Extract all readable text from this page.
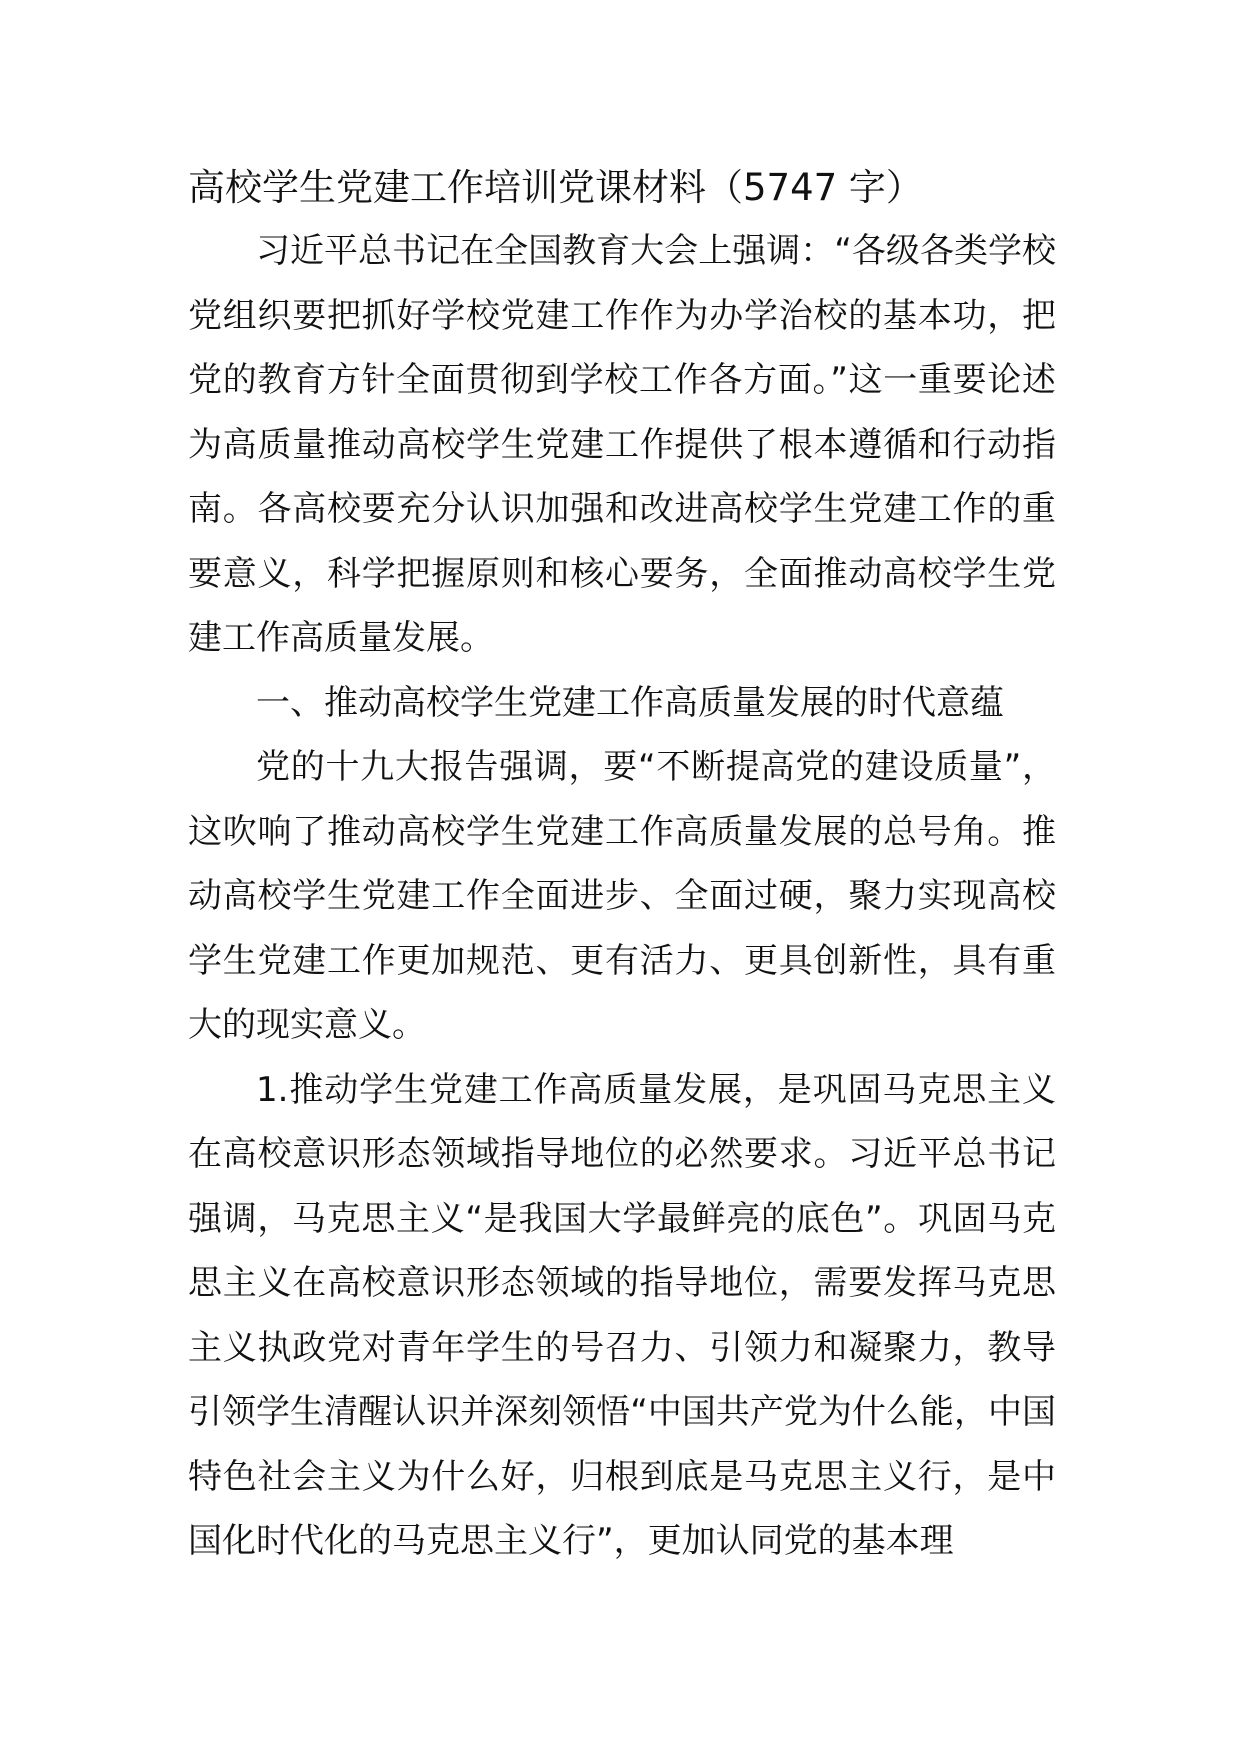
高校学生党建工作培训党课材料（5747 字）

习近平总书记在全国教育大会上强调：“各级各类学校党组织要把抓好学校党建工作作为办学治校的基本功，把党的教育方针全面贯彻到学校工作各方面。”这一重要论述为高质量推动高校学生党建工作提供了根本遵循和行动指南。各高校要充分认识加强和改进高校学生党建工作的重要意义，科学把握原则和核心要务，全面推动高校学生党建工作高质量发展。

一、推动高校学生党建工作高质量发展的时代意蕴

党的十九大报告强调，要“不断提高党的建设质量”，这吹响了推动高校学生党建工作高质量发展的总号角。推动高校学生党建工作全面进步、全面过硬，聚力实现高校学生党建工作更加规范、更有活力、更具创新性，具有重大的现实意义。

1.推动学生党建工作高质量发展，是巩固马克思主义在高校意识形态领域指导地位的必然要求。习近平总书记强调，马克思主义“是我国大学最鲜亮的底色”。巩固马克思主义在高校意识形态领域的指导地位，需要发挥马克思主义执政党对青年学生的号召力、引领力和凝聚力，教导引领学生清醒认识并深刻领悟“中国共产党为什么能，中国特色社会主义为什么好，归根到底是马克思主义行，是中国化时代化的马克思主义行”，更加认同党的基本理
